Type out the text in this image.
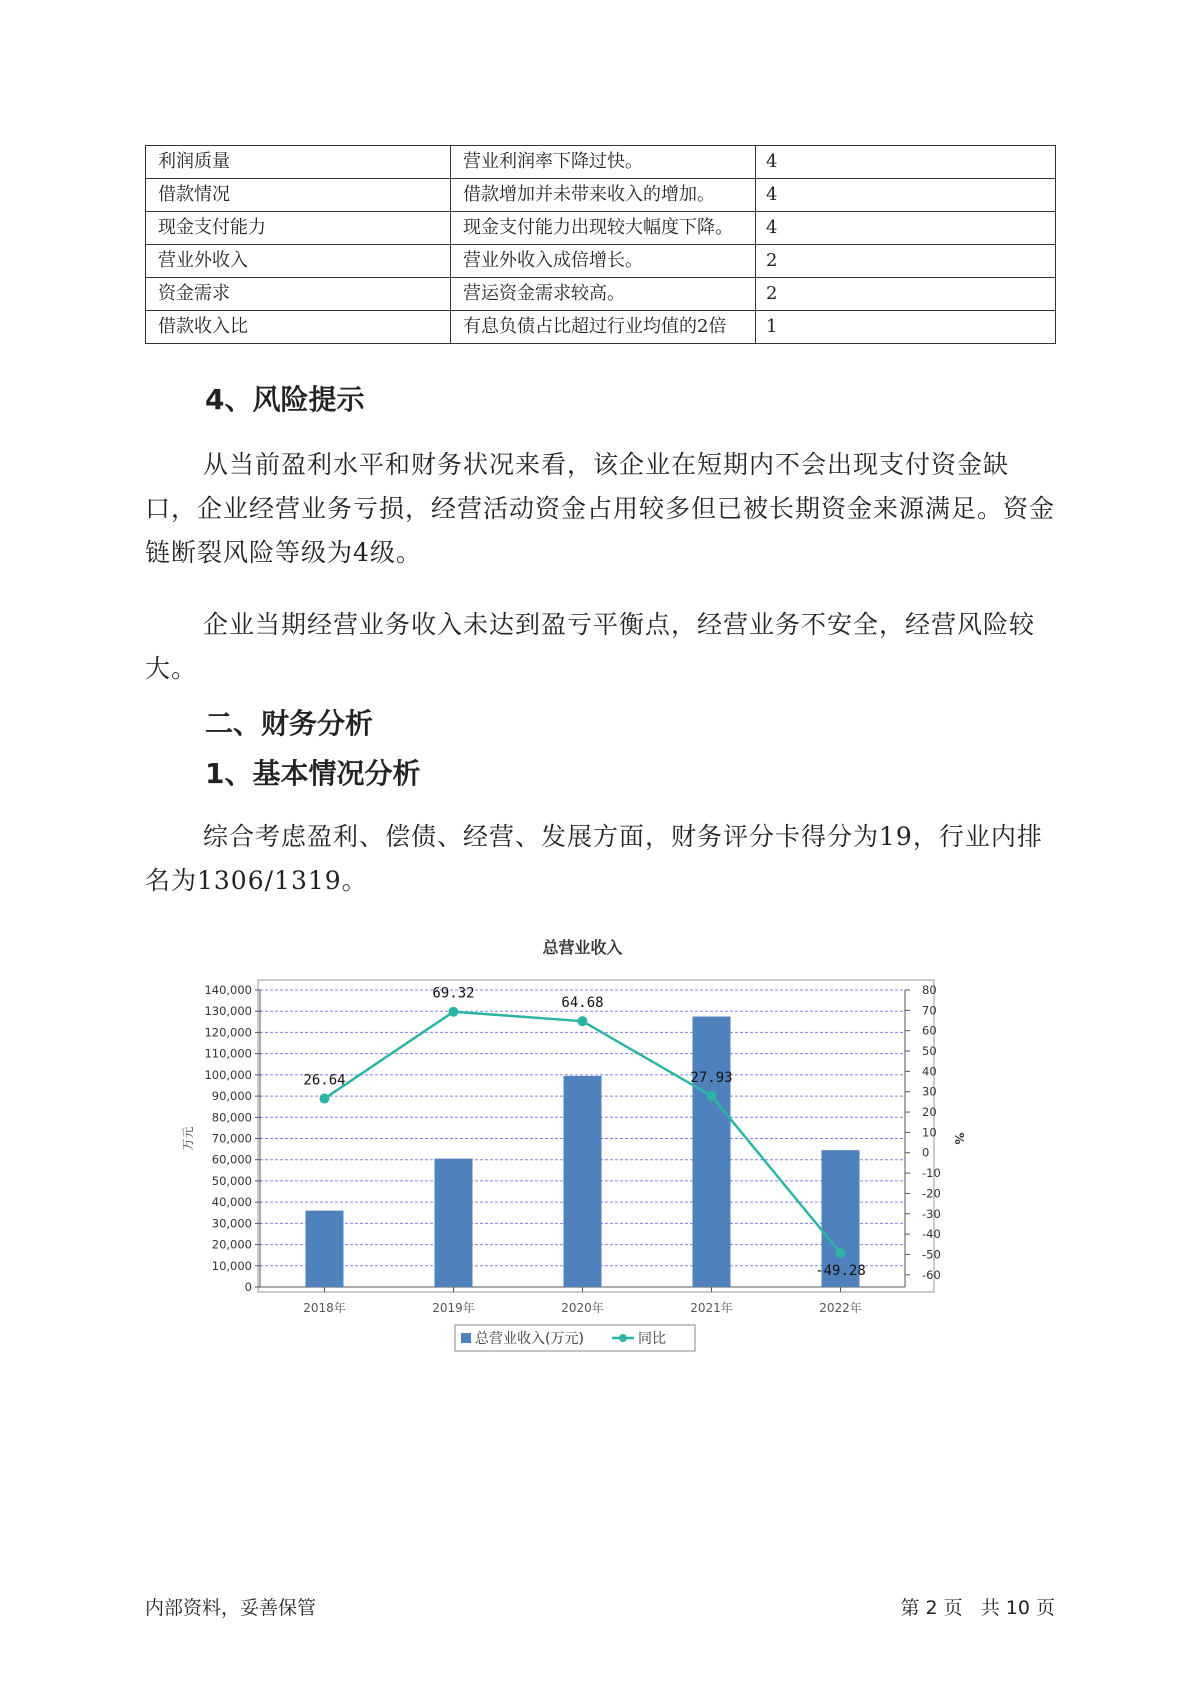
利润质量	营业利润率下降过快。	4
借款情况	借款增加并未带来收入的增加。	4
现金支付能力	现金支付能力出现较大幅度下降。	4
营业外收入	营业外收入成倍增长。	2
资金需求	营运资金需求较高。	2
借款收入比	有息负债占比超过行业均值的2倍	1
4、风险提示

从当前盈利水平和财务状况来看，该企业在短期内不会出现支付资金缺口，企业经营业务亏损，经营活动资金占用较多但已被长期资金来源满足。资金链断裂风险等级为4级。

企业当期经营业务收入未达到盈亏平衡点，经营业务不安全，经营风险较大。

二、财务分析
1、基本情况分析

综合考虑盈利、偿债、经营、发展方面，财务评分卡得分为19，行业内排名为1306/1319。

总营业收入
0
10,000
20,000
30,000
40,000
50,000
60,000
70,000
80,000
90,000
100,000
110,000
120,000
130,000
140,000
-60
-50
-40
-30
-20
-10
0
10
20
30
40
50
60
70
80
万元	%
2018年	2019年	2020年	2021年	2022年
26.64
69.32
64.68
27.93
-49.28
总营业收入(万元)	同比
内部资料，妥善保管	第 2 页   共 10 页
